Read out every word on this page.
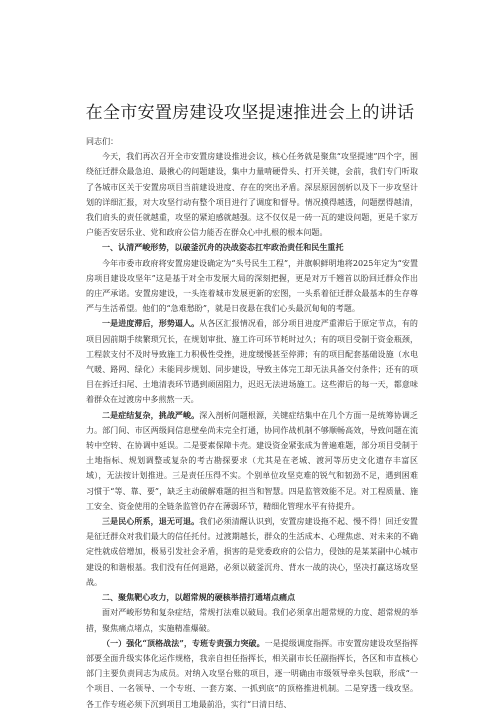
在全市安置房建设攻坚提速推进会上的讲话

同志们：

今天，我们再次召开全市安置房建设推进会议，核心任务就是聚焦“攻坚提速”四个字，围绕征迁群众最急迫、最揪心的问题建设，集中力量啃硬骨头、打开关键，会前，我们专门听取了各城市区关于安置房项目当前建设进度、存在的突出矛盾。深层原因剖析以及下一步攻坚计划的详细汇报，对大攻坚行动有整个项目进行了调度和督导。情况摸得越透，问题摆得越清，我们肩头的责任就越重，攻坚的紧迫感就越强。这不仅仅是一砖一瓦的建设问题，更是千家万户能否安居乐业、党和政府公信力能否在群众心中扎根的根本问题。

一、认清严峻形势，以破釜沉舟的决战姿态扛牢政治责任和民生重托

今年市委市政府将安置房建设确定为“头号民生工程”，并旗帜鲜明地将2025年定为“安置房项目建设攻坚年”这是基于对全市发展大局的深刻把握，更是对万千翘首以盼回迁群众作出的庄严承诺。安置房建设，一头连着城市发展更新的宏图，一头系着征迁群众最基本的生存尊严与生活希望。他们的“急难愁盼”，就是日夜悬在我们心头最沉甸甸的考题。

一是进度滞后，形势逼人。从各区汇报情况看，部分项目进度严重滞后于原定节点，有的项目因前期手续繁琐冗长，在规划审批、施工许可环节耗时过久；有的项目受制于资金瓶颈，工程款支付不及时导致施工力积极性受挫，进度缓慢甚至停滞；有的项目配套基础设施（水电气暖、路网、绿化）未能同步规划、同步建设，导致主体完工却无法具备交付条件；还有的项目在拆迁扫尾、土地清表环节遇到顽固阻力，迟迟无法进场施工。这些滞后的每一天，都意味着群众在过渡房中多煎熬一天。

二是症结复杂，挑战严峻。深入剖析问题根源，关键症结集中在几个方面一是统筹协调乏力。部门间、市区两级间信息壁垒尚未完全打通，协同作战机制不够顺畅高效，导致问题在流转中空转、在协调中延误。二是要素保障卡壳。建设资金紧张成为普遍难题，部分项目受制于土地指标、规划调整或复杂的考古勘探要求（尤其是在老城、渡河等历史文化遗存丰富区域），无法按计划推进。三是责任压得不实。个别单位攻坚克难的锐气和韧劲不足，遇到困难习惯于“等、靠、要”，缺乏主动破解难题的担当和智慧。四是监管效能不足。对工程质量、施工安全、资金使用的全链条监管仍存在薄弱环节，精细化管理水平有待提升。

三是民心所系，退无可退。我们必须清醒认识到，安置房建设拖不起、慢不得！回迁安置是征迁群众对我们最大的信任托付。过渡期越长，群众的生活成本、心理焦虑、对未来的不确定性就成倍增加，极易引发社会矛盾，损害的是党委政府的公信力，侵蚀的是某某副中心城市建设的和谐根基。我们没有任何退路，必须以破釜沉舟、背水一战的决心，坚决打赢这场攻坚战。

二、聚焦靶心攻力，以超常规的硬核举措打通堵点痛点

面对严峻形势和复杂症结，常规打法难以破局。我们必须拿出超常规的力度、超常规的举措，聚焦痛点堵点，实施精准爆破。

（一）强化“顶格战法”，专班专责强力突破。一是提级调度指挥。市安置房建设攻坚指挥部要全面升级实体化运作规格，我亲自担任指挥长，相关副市长任副指挥长，各区和市直核心部门主要负责同志为成员。对纳入攻坚台账的项目，逐一明确由市级领导牵头包联，形成“一个项目、一名领导、一个专班、一套方案、一抓到底”的顶格推进机制。二是穿透一线攻坚。各工作专班必须下沉到项目工地最前沿，实行“日清日结、
